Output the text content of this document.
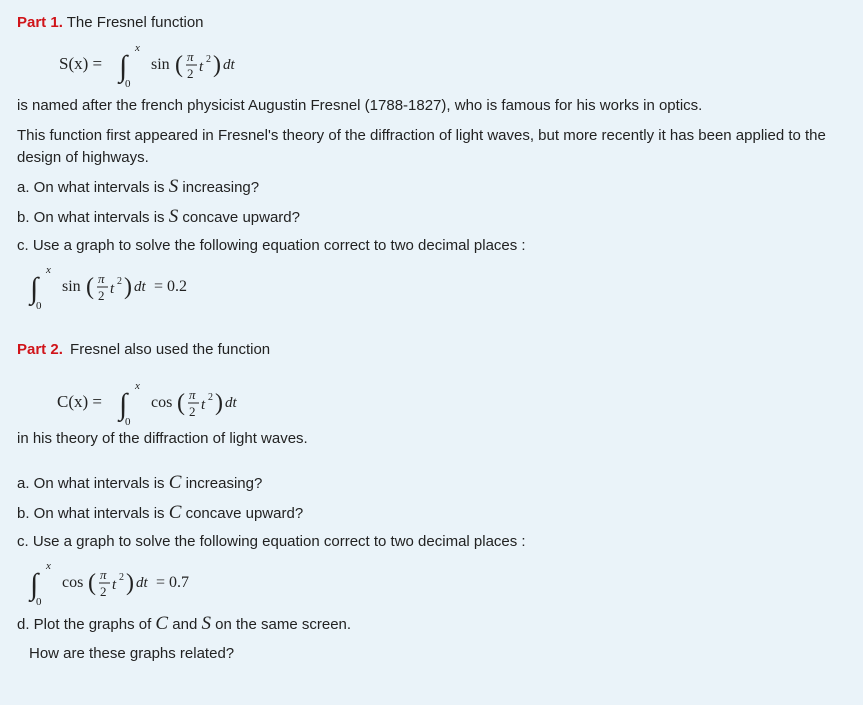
Part 1. The Fresnel function
S(x) = ∫
x
0
sin ( π
2 t 2 ) dt
is named after the french physicist Augustin Fresnel (1788-1827), who is famous for his works in optics.
This function first appeared in Fresnel's theory of the diffraction of light waves, but more recently it has been applied to the design of highways.
a. On what intervals is S increasing?
b. On what intervals is S concave upward?
c. Use a graph to solve the following equation correct to two decimal places :
∫
x
0
sin ( π
2 t 2 ) dt = 0.2
Part 2. Fresnel also used the function
C(x) = ∫
x
0
cos ( π
2 t 2 ) dt
in his theory of the diffraction of light waves.
a. On what intervals is C increasing?
b. On what intervals is C concave upward?
c. Use a graph to solve the following equation correct to two decimal places :
∫
x
0
cos ( π
2 t 2 ) dt = 0.7
d. Plot the graphs of C and S on the same screen.
How are these graphs related?
